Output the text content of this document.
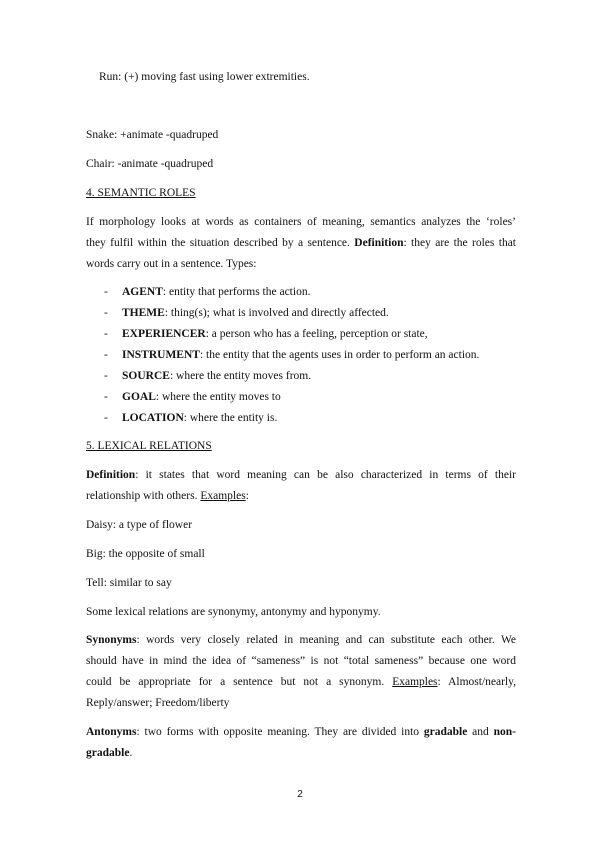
Run: (+) moving fast using lower extremities.
Snake: +animate -quadruped
Chair: -animate -quadruped
4. SEMANTIC ROLES
If morphology looks at words as containers of meaning, semantics analyzes the ‘roles’
they fulfil within the situation described by a sentence. Definition: they are the roles that
words carry out in a sentence. Types:
- AGENT: entity that performs the action.
- THEME: thing(s); what is involved and directly affected.
- EXPERIENCER: a person who has a feeling, perception or state,
- INSTRUMENT: the entity that the agents uses in order to perform an action.
- SOURCE: where the entity moves from.
- GOAL: where the entity moves to
- LOCATION: where the entity is.
5. LEXICAL RELATIONS
Definition: it states that word meaning can be also characterized in terms of their
relationship with others. Examples:
Daisy: a type of flower
Big: the opposite of small
Tell: similar to say
Some lexical relations are synonymy, antonymy and hyponymy.
Synonyms: words very closely related in meaning and can substitute each other. We
should have in mind the idea of “sameness” is not “total sameness” because one word
could be appropriate for a sentence but not a synonym. Examples: Almost/nearly,
Reply/answer; Freedom/liberty
Antonyms: two forms with opposite meaning. They are divided into gradable and non-
gradable.
2
